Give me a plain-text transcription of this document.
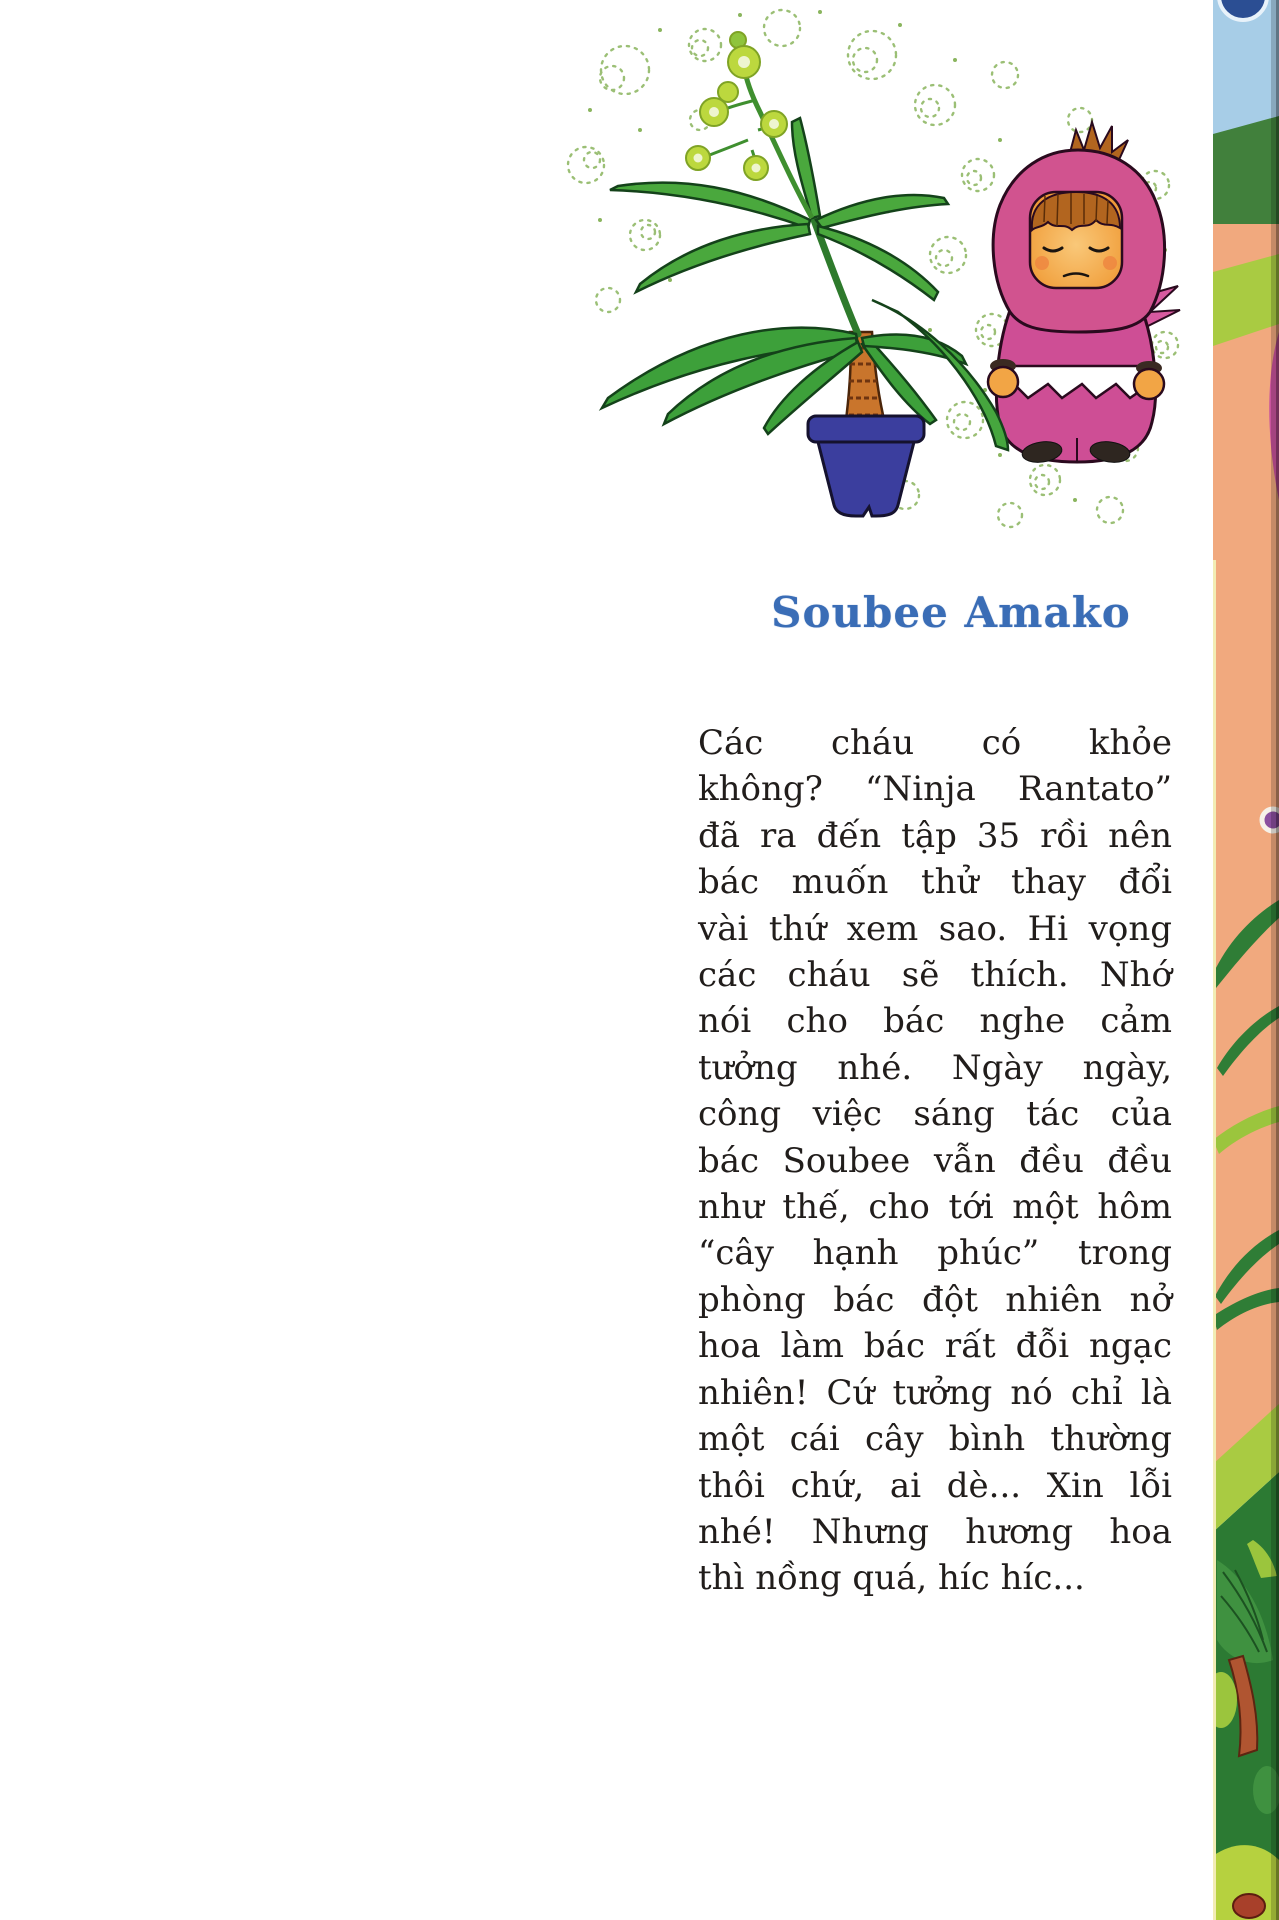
Soubee Amako
Các cháu có khỏe
không? “Ninja Rantato”
đã ra đến tập 35 rồi nên
bác muốn thử thay đổi
vài thứ xem sao. Hi vọng
các cháu sẽ thích. Nhớ
nói cho bác nghe cảm
tưởng nhé. Ngày ngày,
công việc sáng tác của
bác Soubee vẫn đều đều
như thế, cho tới một hôm
“cây hạnh phúc” trong
phòng bác đột nhiên nở
hoa làm bác rất đỗi ngạc
nhiên! Cứ tưởng nó chỉ là
một cái cây bình thường
thôi chứ, ai dè... Xin lỗi
nhé! Nhưng hương hoa
thì nồng quá, híc híc...
